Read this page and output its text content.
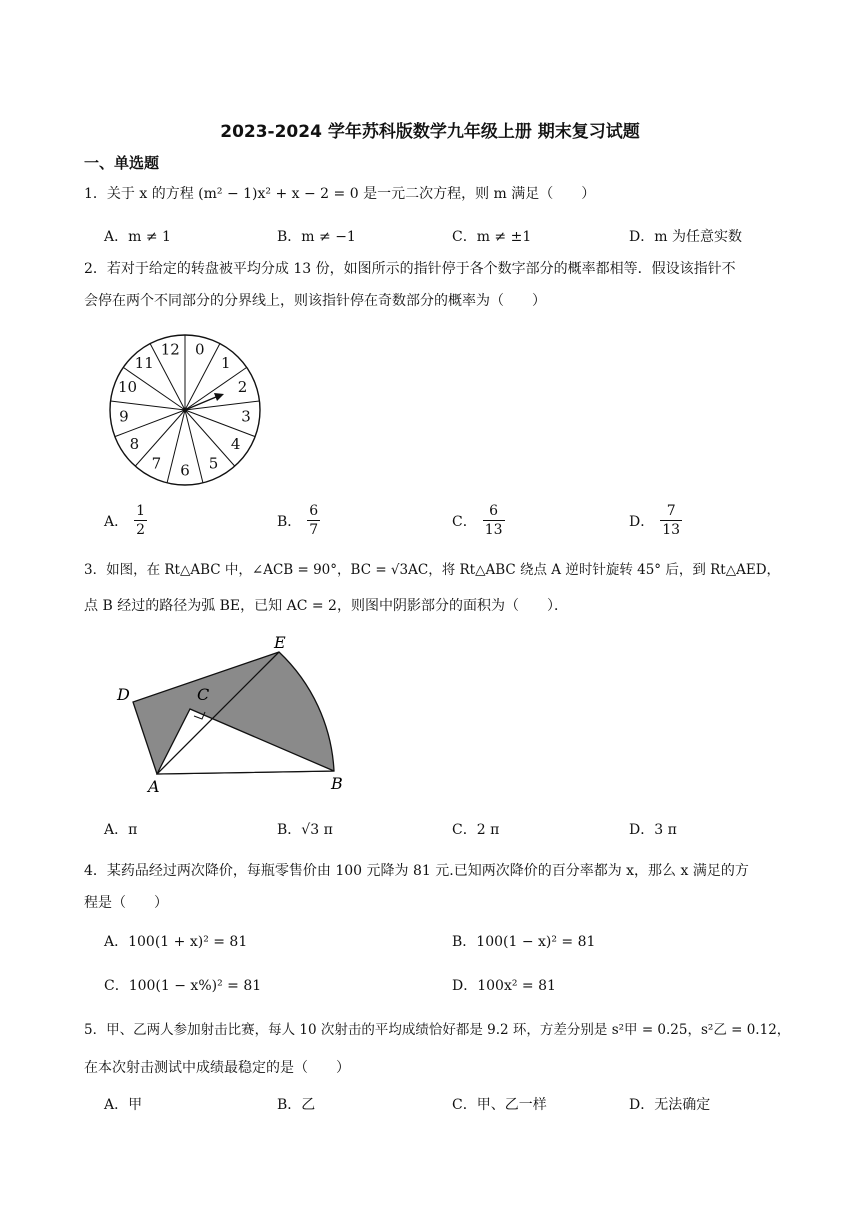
2023-2024 学年苏科版数学九年级上册 期末复习试题
一、单选题
1．关于 x 的方程 (m² − 1)x² + x − 2 = 0 是一元二次方程，则 m 满足（　　）
A．m ≠ 1	B．m ≠ −1	C．m ≠ ±1	D．m 为任意实数
2．若对于给定的转盘被平均分成 13 份，如图所示的指针停于各个数字部分的概率都相等．假设该指针不
会停在两个不同部分的分界线上，则该指针停在奇数部分的概率为（　　）
0
1
2
3
4
5
6
7
8
9
10
11
12
A． $\frac{1}{2}$	B． $\frac{6}{7}$	C． $\frac{6}{13}$	D． $\frac{7}{13}$
3．如图，在 Rt△ABC 中，∠ACB = 90°，BC = √3AC，将 Rt△ABC 绕点 A 逆时针旋转 45° 后，到 Rt△AED，
点 B 经过的路径为弧 BE，已知 AC = 2，则图中阴影部分的面积为（　　）．
A	B
C
D
E
A．π	B．√3 π	C．2 π	D．3 π
4．某药品经过两次降价，每瓶零售价由 100 元降为 81 元.已知两次降价的百分率都为 x，那么 x 满足的方
程是（　　）
A．100(1 + x)² = 81	B．100(1 − x)² = 81
C．100(1 − x%)² = 81	D．100x² = 81
5．甲、乙两人参加射击比赛，每人 10 次射击的平均成绩恰好都是 9.2 环，方差分别是 s²甲 = 0.25，s²乙 = 0.12，
在本次射击测试中成绩最稳定的是（　　）
A．甲	B．乙	C．甲、乙一样	D．无法确定
